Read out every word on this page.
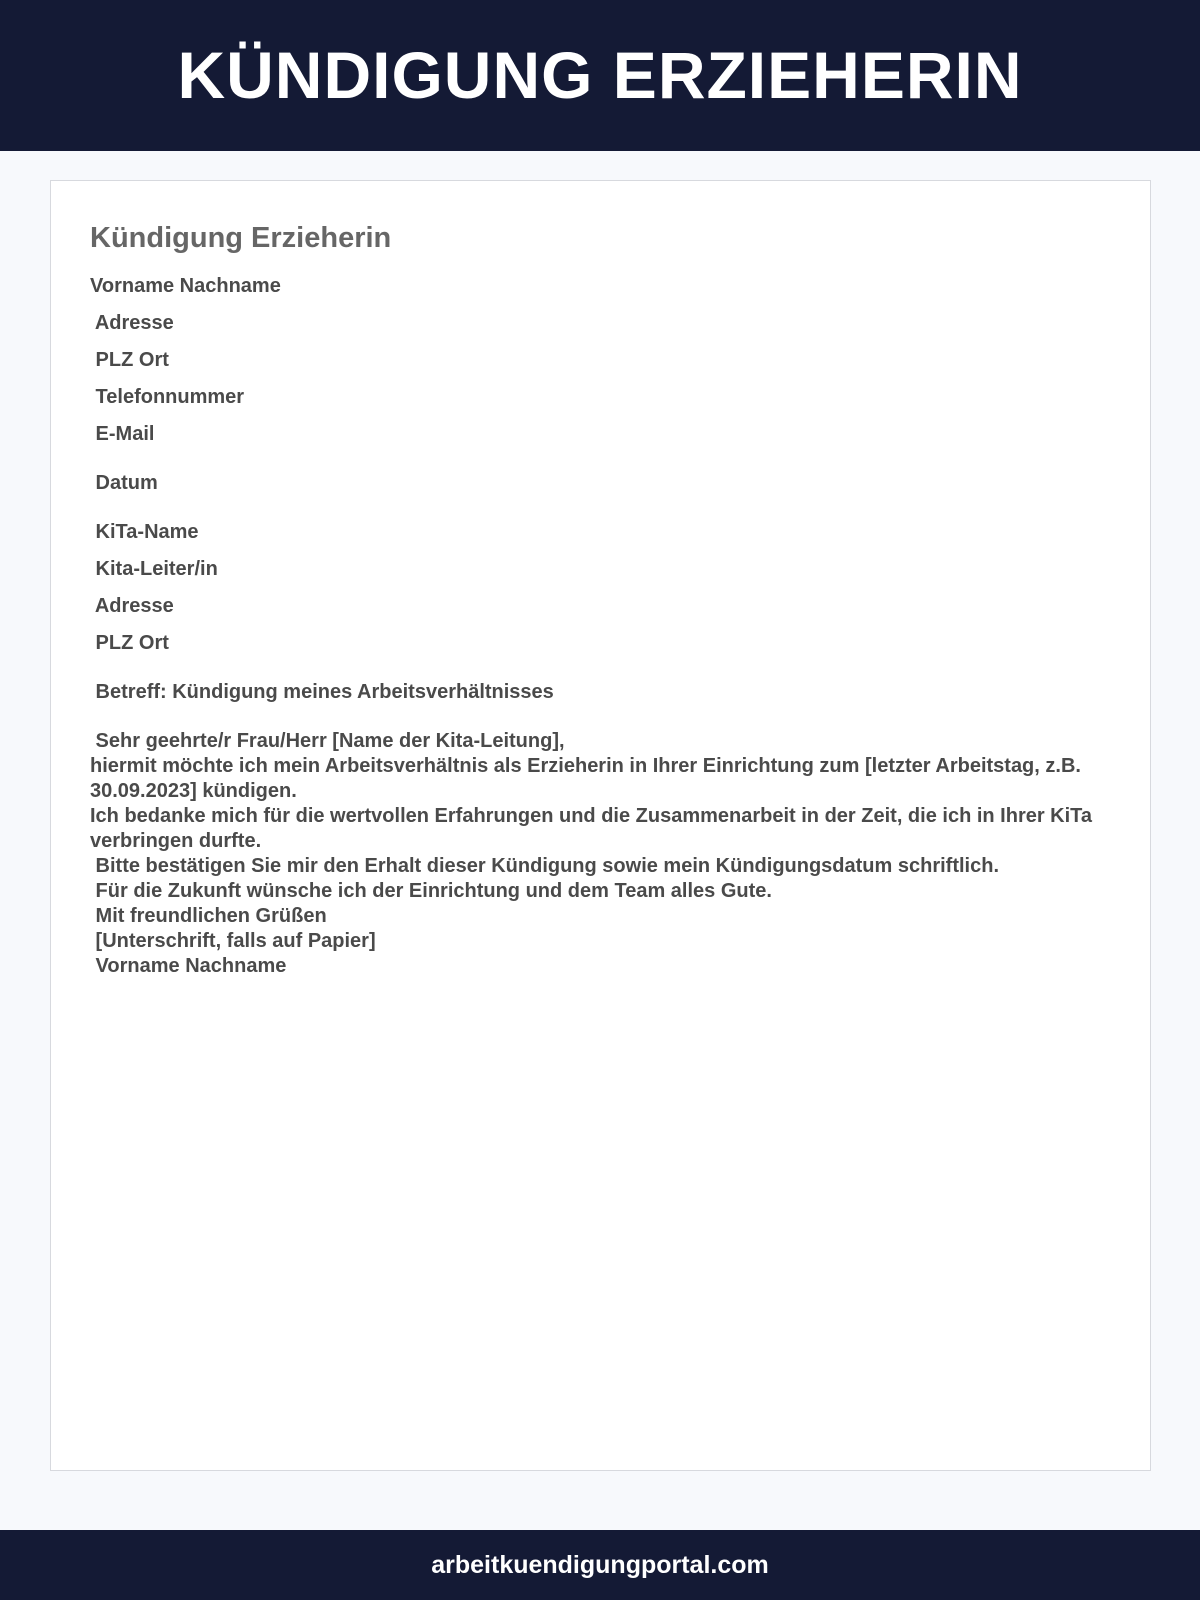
KÜNDIGUNG ERZIEHERIN
Kündigung Erzieherin
Vorname Nachname
Adresse
PLZ Ort
Telefonnummer
E-Mail
Datum
KiTa-Name
Kita-Leiter/in
Adresse
PLZ Ort
Betreff: Kündigung meines Arbeitsverhältnisses
Sehr geehrte/r Frau/Herr [Name der Kita-Leitung],
hiermit möchte ich mein Arbeitsverhältnis als Erzieherin in Ihrer Einrichtung zum [letzter Arbeitstag, z.B. 30.09.2023] kündigen.
Ich bedanke mich für die wertvollen Erfahrungen und die Zusammenarbeit in der Zeit, die ich in Ihrer KiTa verbringen durfte.
Bitte bestätigen Sie mir den Erhalt dieser Kündigung sowie mein Kündigungsdatum schriftlich.
Für die Zukunft wünsche ich der Einrichtung und dem Team alles Gute.
Mit freundlichen Grüßen
[Unterschrift, falls auf Papier]
Vorname Nachname
arbeitkuendigungportal.com
